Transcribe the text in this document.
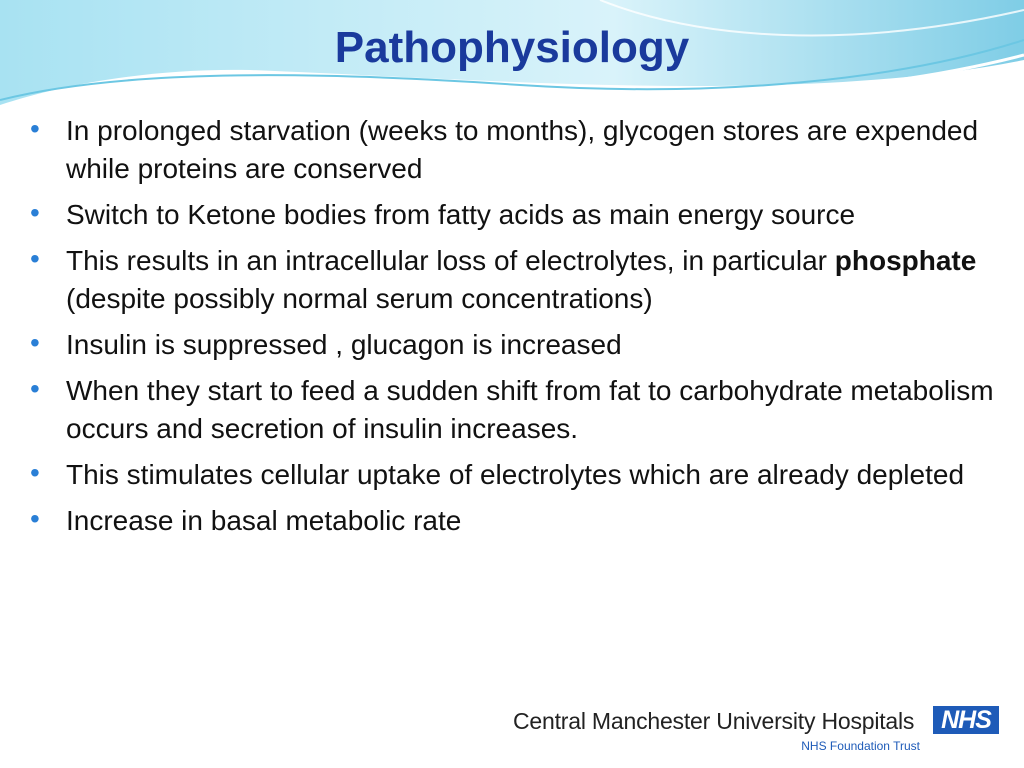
Pathophysiology
• In prolonged starvation (weeks to months), glycogen stores are expended while proteins are conserved
• Switch to Ketone bodies from fatty acids as main energy source
• This results in an intracellular loss of electrolytes, in particular phosphate (despite possibly normal serum concentrations)
• Insulin is suppressed , glucagon is increased
• When they start to feed a sudden shift from fat to carbohydrate metabolism occurs and secretion of insulin increases.
• This stimulates cellular uptake of electrolytes which are already depleted
• Increase in basal metabolic rate
Central Manchester University Hospitals	NHS
NHS Foundation Trust
